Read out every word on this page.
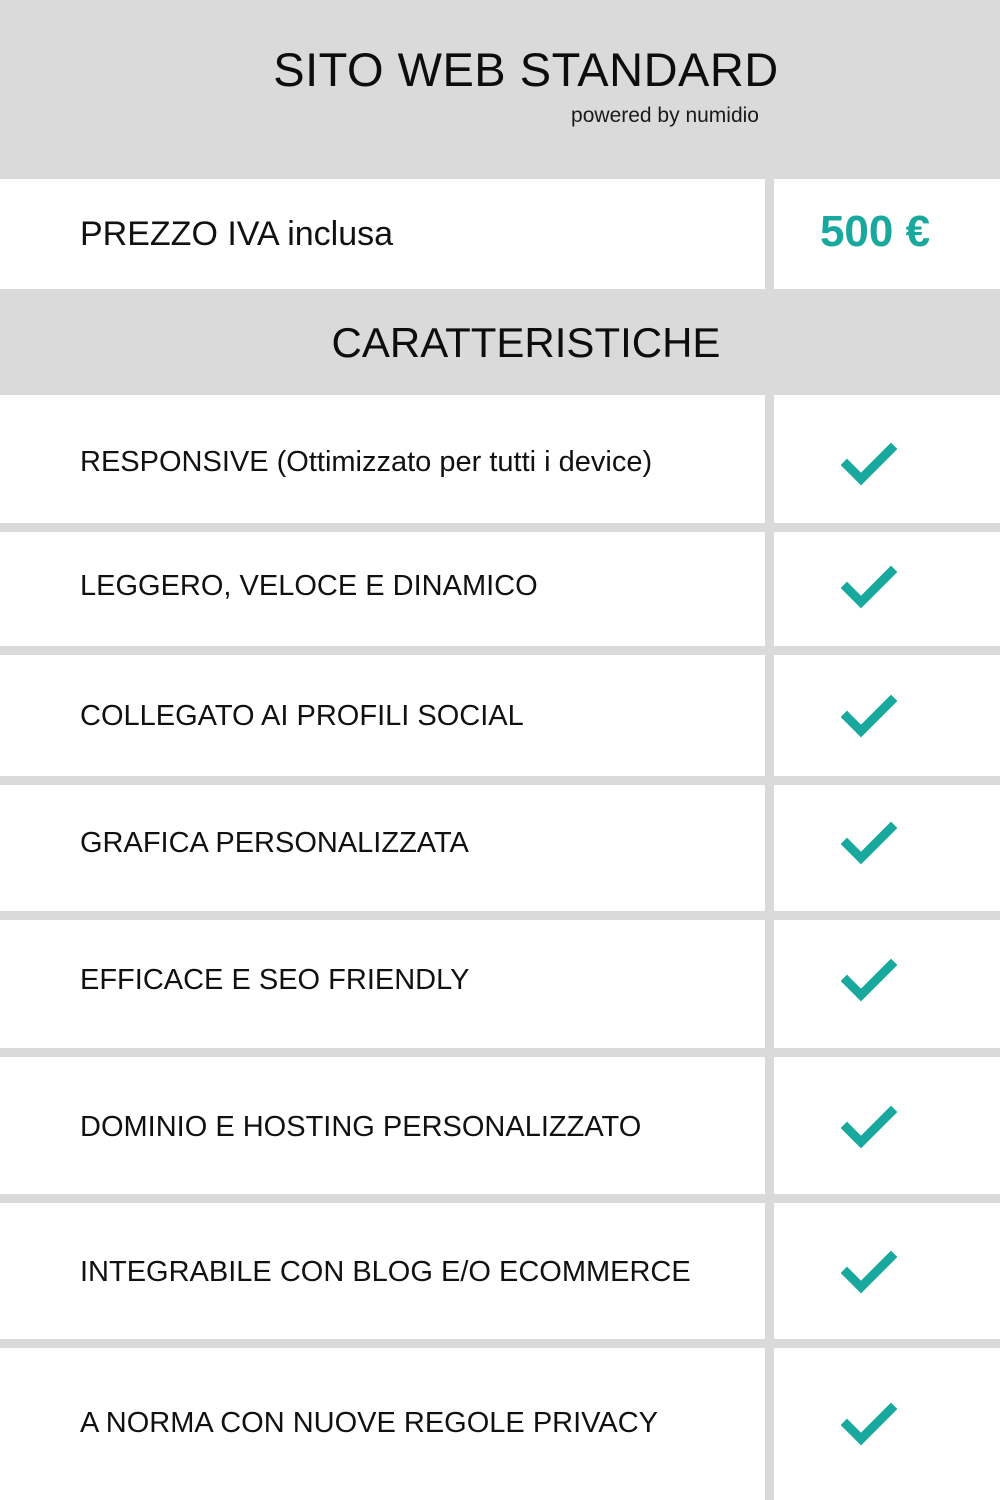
SITO WEB STANDARD
powered by numidio
PREZZO IVA inclusa	500 €
CARATTERISTICHE
RESPONSIVE (Ottimizzato per tutti i device)
LEGGERO, VELOCE E DINAMICO
COLLEGATO AI PROFILI SOCIAL
GRAFICA PERSONALIZZATA
EFFICACE E SEO FRIENDLY
DOMINIO E HOSTING PERSONALIZZATO
INTEGRABILE CON BLOG E/O ECOMMERCE
A NORMA CON NUOVE REGOLE PRIVACY
